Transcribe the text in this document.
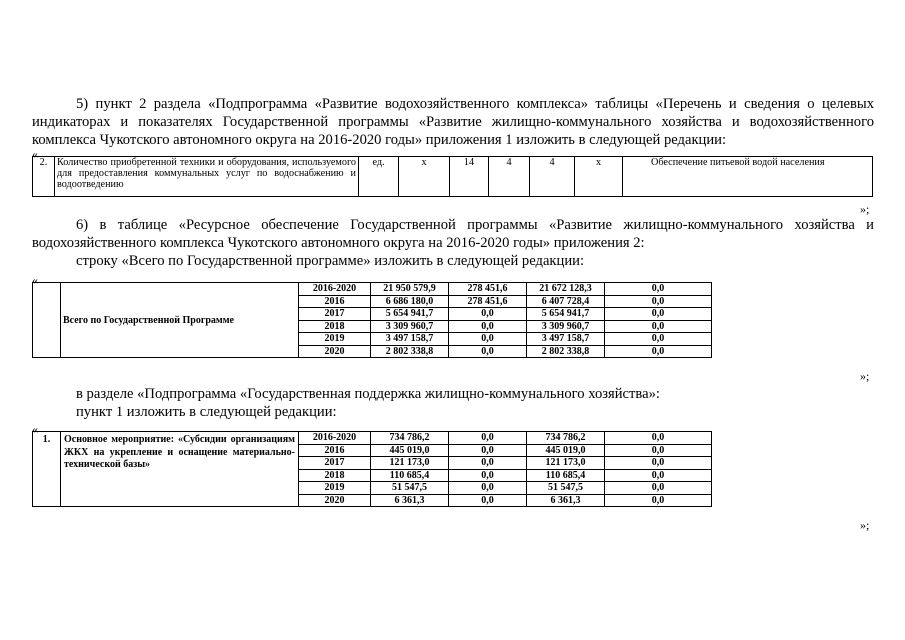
5) пункт 2 раздела «Подпрограмма «Развитие водохозяйственного комплекса» таблицы «Перечень и сведения о целевых индикаторах и показателях Государственной программы «Развитие жилищно-коммунального хозяйства и водохозяйственного комплекса Чукотского автономного округа на 2016-2020 годы» приложения 1 изложить в следующей редакции:
«
2.	Количество приобретенной техники и оборудования, используемого для предоставления коммунальных услуг по водоснабжению и водоотведению	ед.	х	14	4	4	х	Обеспечение питьевой водой населения
»;
6) в таблице «Ресурсное обеспечение Государственной программы «Развитие жилищно-коммунального хозяйства и водохозяйственного комплекса Чукотского автономного округа на 2016-2020 годы» приложения 2:
строку «Всего по Государственной программе» изложить в следующей редакции:
«
	Всего по Государственной Программе	2016-2020	21 950 579,9	278 451,6	21 672 128,3	0,0
		2016	6 686 180,0	278 451,6	6 407 728,4	0,0
		2017	5 654 941,7	0,0	5 654 941,7	0,0
		2018	3 309 960,7	0,0	3 309 960,7	0,0
		2019	3 497 158,7	0,0	3 497 158,7	0,0
		2020	2 802 338,8	0,0	2 802 338,8	0,0
»;
в разделе «Подпрограмма «Государственная поддержка жилищно-коммунального хозяйства»:
пункт 1 изложить в следующей редакции:
«
1.	Основное мероприятие: «Субсидии организациям ЖКХ на укрепление и оснащение материально-технической базы»	2016-2020	734 786,2	0,0	734 786,2	0,0
		2016	445 019,0	0,0	445 019,0	0,0
		2017	121 173,0	0,0	121 173,0	0,0
		2018	110 685,4	0,0	110 685,4	0,0
		2019	51 547,5	0,0	51 547,5	0,0
		2020	6 361,3	0,0	6 361,3	0,0
»;
